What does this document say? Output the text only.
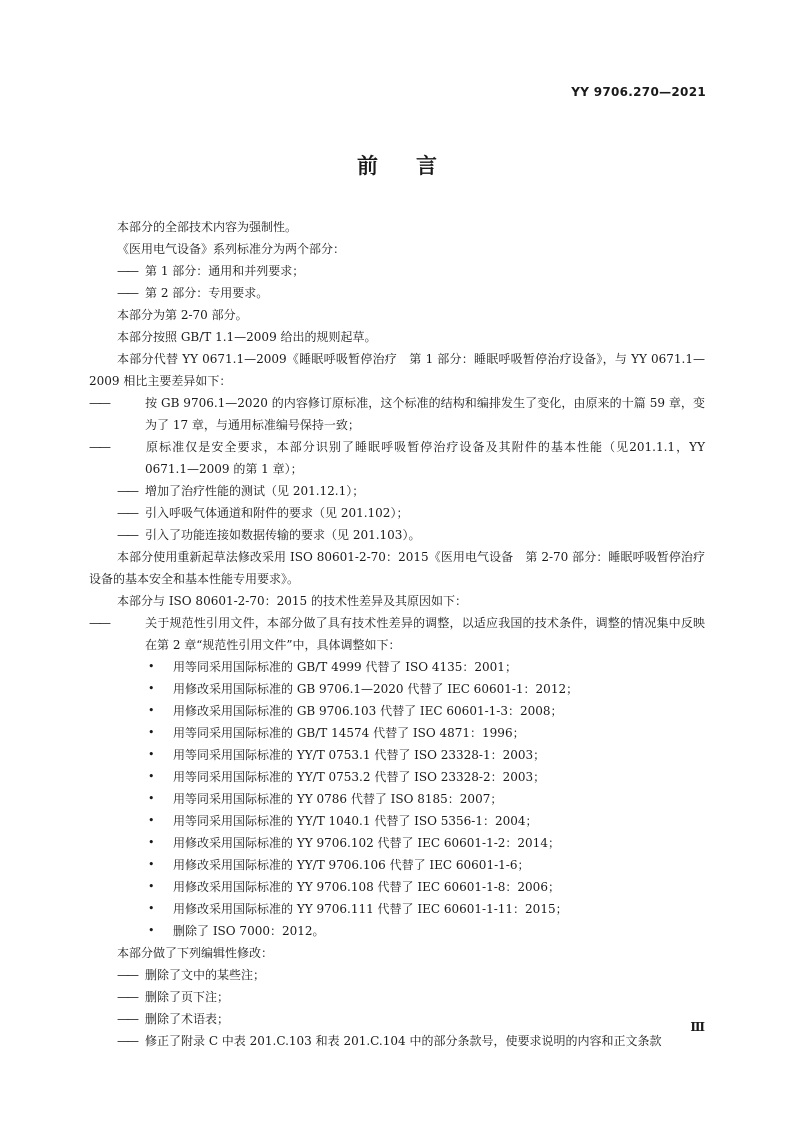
YY 9706.270—2021
前言

本部分的全部技术内容为强制性。

《医用电气设备》系列标准分为两个部分：

——第 1 部分：通用和并列要求；

——第 2 部分：专用要求。

本部分为第 2-70 部分。

本部分按照 GB/T 1.1—2009 给出的规则起草。

本部分代替 YY 0671.1—2009《睡眠呼吸暂停治疗　第 1 部分：睡眠呼吸暂停治疗设备》，与 YY 0671.1—2009 相比主要差异如下：

——按 GB 9706.1—2020 的内容修订原标准，这个标准的结构和编排发生了变化，由原来的十篇 59 章，变为了 17 章，与通用标准编号保持一致；

——原标准仅是安全要求，本部分识别了睡眠呼吸暂停治疗设备及其附件的基本性能（见201.1.1，YY 0671.1—2009 的第 1 章）；

——增加了治疗性能的测试（见 201.12.1）；

——引入呼吸气体通道和附件的要求（见 201.102）；

——引入了功能连接如数据传输的要求（见 201.103）。

本部分使用重新起草法修改采用 ISO 80601-2-70：2015《医用电气设备　第 2-70 部分：睡眠呼吸暂停治疗设备的基本安全和基本性能专用要求》。

本部分与 ISO 80601-2-70：2015 的技术性差异及其原因如下：

——关于规范性引用文件，本部分做了具有技术性差异的调整，以适应我国的技术条件，调整的情况集中反映在第 2 章“规范性引用文件”中，具体调整如下：

• 用等同采用国际标准的 GB/T 4999 代替了 ISO 4135：2001；
• 用修改采用国际标准的 GB 9706.1—2020 代替了 IEC 60601-1：2012；
• 用修改采用国际标准的 GB 9706.103 代替了 IEC 60601-1-3：2008；
• 用等同采用国际标准的 GB/T 14574 代替了 ISO 4871：1996；
• 用等同采用国际标准的 YY/T 0753.1 代替了 ISO 23328-1：2003；
• 用等同采用国际标准的 YY/T 0753.2 代替了 ISO 23328-2：2003；
• 用等同采用国际标准的 YY 0786 代替了 ISO 8185：2007；
• 用等同采用国际标准的 YY/T 1040.1 代替了 ISO 5356-1：2004；
• 用修改采用国际标准的 YY 9706.102 代替了 IEC 60601-1-2：2014；
• 用修改采用国际标准的 YY/T 9706.106 代替了 IEC 60601-1-6；
• 用修改采用国际标准的 YY 9706.108 代替了 IEC 60601-1-8：2006；
• 用修改采用国际标准的 YY 9706.111 代替了 IEC 60601-1-11：2015；
• 删除了 ISO 7000：2012。

本部分做了下列编辑性修改：

——删除了文中的某些注；

——删除了页下注；

——删除了术语表；

——修正了附录 C 中表 201.C.103 和表 201.C.104 中的部分条款号，使要求说明的内容和正文条款

Ⅲ
